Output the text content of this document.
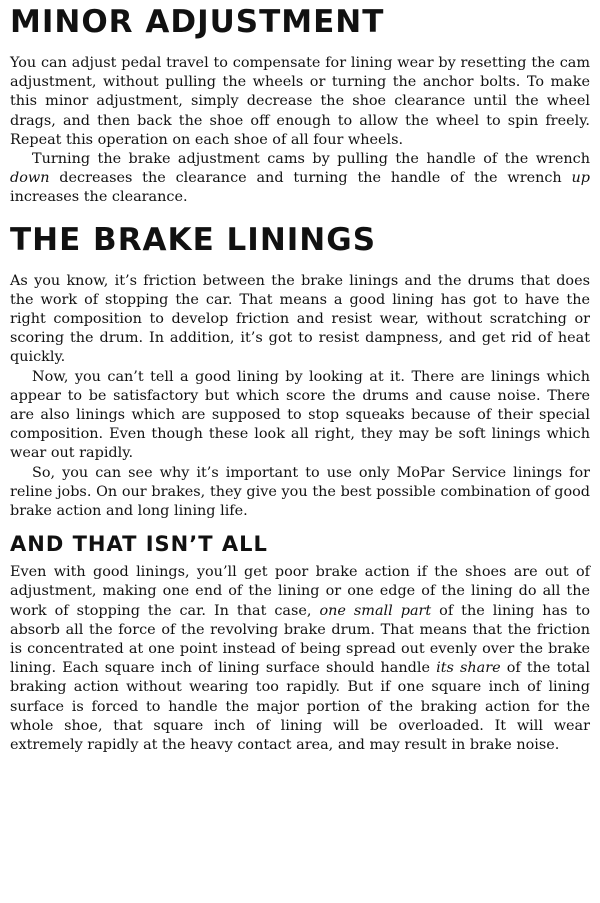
MINOR ADJUSTMENT

You can adjust pedal travel to compensate for lining wear by resetting the cam adjustment, without pulling the wheels or turning the anchor bolts. To make this minor adjustment, simply decrease the shoe clearance until the wheel drags, and then back the shoe off enough to allow the wheel to spin freely. Repeat this operation on each shoe of all four wheels.

Turning the brake adjustment cams by pulling the handle of the wrench down decreases the clearance and turning the handle of the wrench up increases the clearance.

THE BRAKE LININGS

As you know, it’s friction between the brake linings and the drums that does the work of stopping the car. That means a good lining has got to have the right composition to develop friction and resist wear, without scratching or scoring the drum. In addition, it’s got to resist dampness, and get rid of heat quickly.

Now, you can’t tell a good lining by looking at it. There are linings which appear to be satisfactory but which score the drums and cause noise. There are also linings which are supposed to stop squeaks because of their special composition. Even though these look all right, they may be soft linings which wear out rapidly.

So, you can see why it’s important to use only MoPar Service linings for reline jobs. On our brakes, they give you the best possible combination of good brake action and long lining life.

AND THAT ISN’T ALL

Even with good linings, you’ll get poor brake action if the shoes are out of adjustment, making one end of the lining or one edge of the lining do all the work of stopping the car. In that case, one small part of the lining has to absorb all the force of the revolving brake drum. That means that the friction is concentrated at one point instead of being spread out evenly over the brake lining. Each square inch of lining surface should handle its share of the total braking action without wearing too rapidly. But if one square inch of lining surface is forced to handle the major portion of the braking action for the whole shoe, that square inch of lining will be overloaded. It will wear extremely rapidly at the heavy contact area, and may result in brake noise.
